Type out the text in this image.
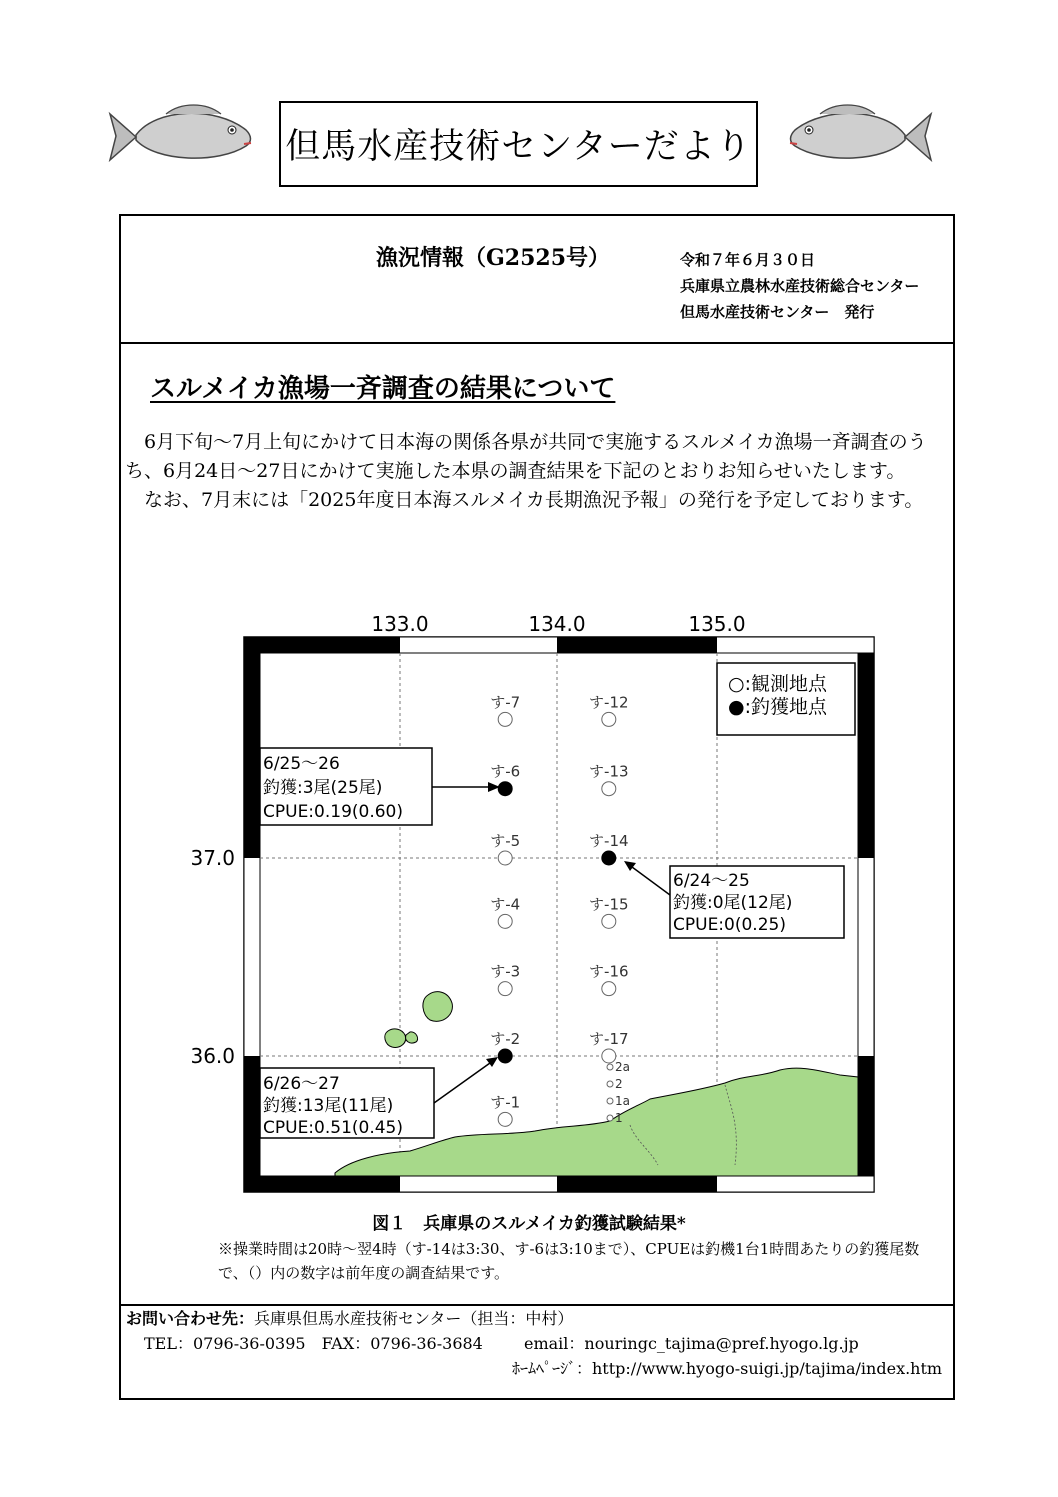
但馬水産技術センターだより
漁況情報（G2525号）	令和７年６月３０日
兵庫県立農林水産技術総合センター
但馬水産技術センター　発行
スルメイカ漁場一斉調査の結果について

6月下旬～7月上旬にかけて日本海の関係各県が共同で実施するスルメイカ漁場一斉調査のうち、6月24日～27日にかけて実施した本県の調査結果を下記のとおりお知らせいたします。

なお、7月末には「2025年度日本海スルメイカ長期漁況予報」の発行を予定しております。

133.0	134.0	135.0
37.0
36.0
○:観測地点
●:釣獲地点
す-7
す-6
す-5
す-4
す-3
す-2
す-1
す-12
す-13
す-14
す-15
す-16
す-17
2a
2
1a
1
6/25～26
釣獲:3尾(25尾)
CPUE:0.19(0.60)
6/24～25
釣獲:0尾(12尾)
CPUE:0(0.25)
6/26～27
釣獲:13尾(11尾)
CPUE:0.51(0.45)
図１　兵庫県のスルメイカ釣獲試験結果*
※操業時間は20時～翌4時（す-14は3:30、す-6は3:10まで）、CPUEは釣機1台1時間あたりの釣獲尾数で、（）内の数字は前年度の調査結果です。
お問い合わせ先：兵庫県但馬水産技術センター（担当：中村）
TEL：0796-36-0395　FAX：0796-36-3684	email：nouringc_tajima@pref.hyogo.lg.jp
ﾎｰﾑﾍﾟｰｼﾞ：http://www.hyogo-suigi.jp/tajima/index.htm
